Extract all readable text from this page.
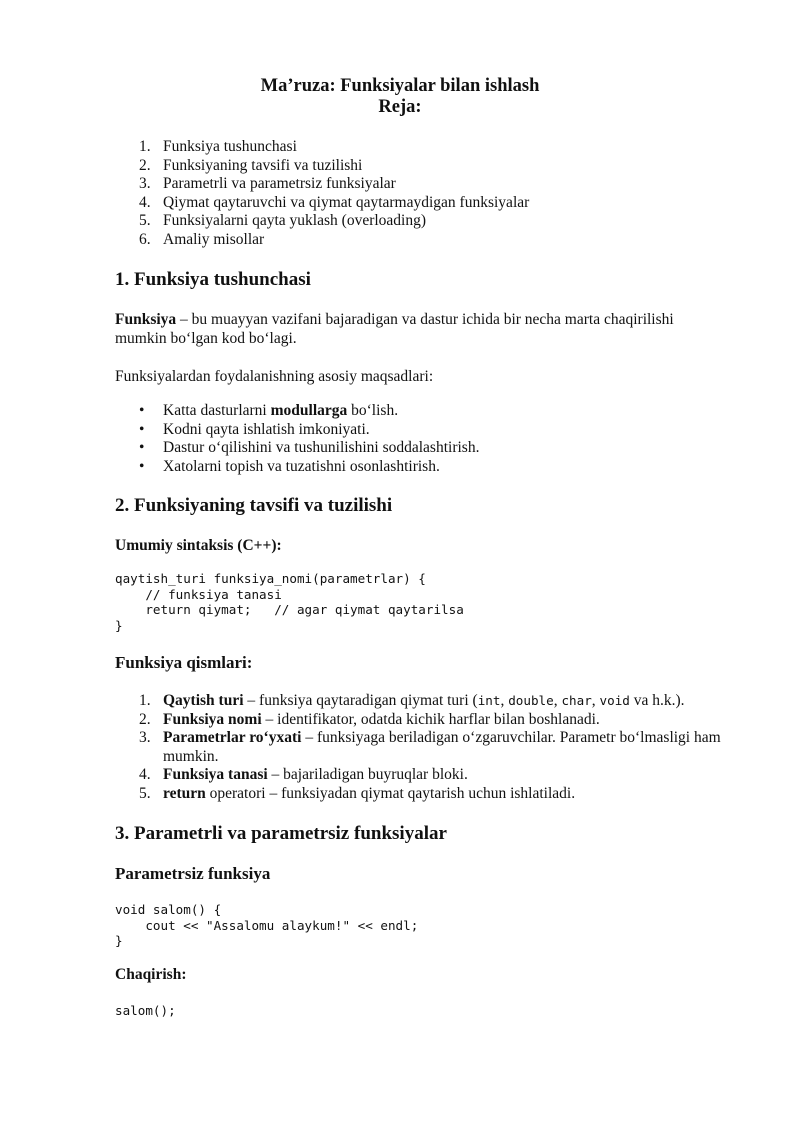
Ma’ruza: Funksiyalar bilan ishlash
Reja:
1. Funksiya tushunchasi
2. Funksiyaning tavsifi va tuzilishi
3. Parametrli va parametrsiz funksiyalar
4. Qiymat qaytaruvchi va qiymat qaytarmaydigan funksiyalar
5. Funksiyalarni qayta yuklash (overloading)
6. Amaliy misollar
1. Funksiya tushunchasi

Funksiya – bu muayyan vazifani bajaradigan va dastur ichida bir necha marta chaqirilishi mumkin bo‘lgan kod bo‘lagi.

Funksiyalardan foydalanishning asosiy maqsadlari:

• Katta dasturlarni modullarga bo‘lish.
• Kodni qayta ishlatish imkoniyati.
• Dastur o‘qilishini va tushunilishini soddalashtirish.
• Xatolarni topish va tuzatishni osonlashtirish.
2. Funksiyaning tavsifi va tuzilishi
Umumiy sintaksis (C++):
qaytish_turi funksiya_nomi(parametrlar) {
// funksiya tanasi
return qiymat;   // agar qiymat qaytarilsa
}
Funksiya qismlari:
1. Qaytish turi – funksiya qaytaradigan qiymat turi (int, double, char, void va h.k.).
2. Funksiya nomi – identifikator, odatda kichik harflar bilan boshlanadi.
3. Parametrlar ro‘yxati – funksiyaga beriladigan o‘zgaruvchilar. Parametr bo‘lmasligi ham mumkin.
4. Funksiya tanasi – bajariladigan buyruqlar bloki.
5. return operatori – funksiyadan qiymat qaytarish uchun ishlatiladi.
3. Parametrli va parametrsiz funksiyalar
Parametrsiz funksiya
void salom() {
cout << "Assalomu alaykum!" << endl;
}
Chaqirish:
salom();
